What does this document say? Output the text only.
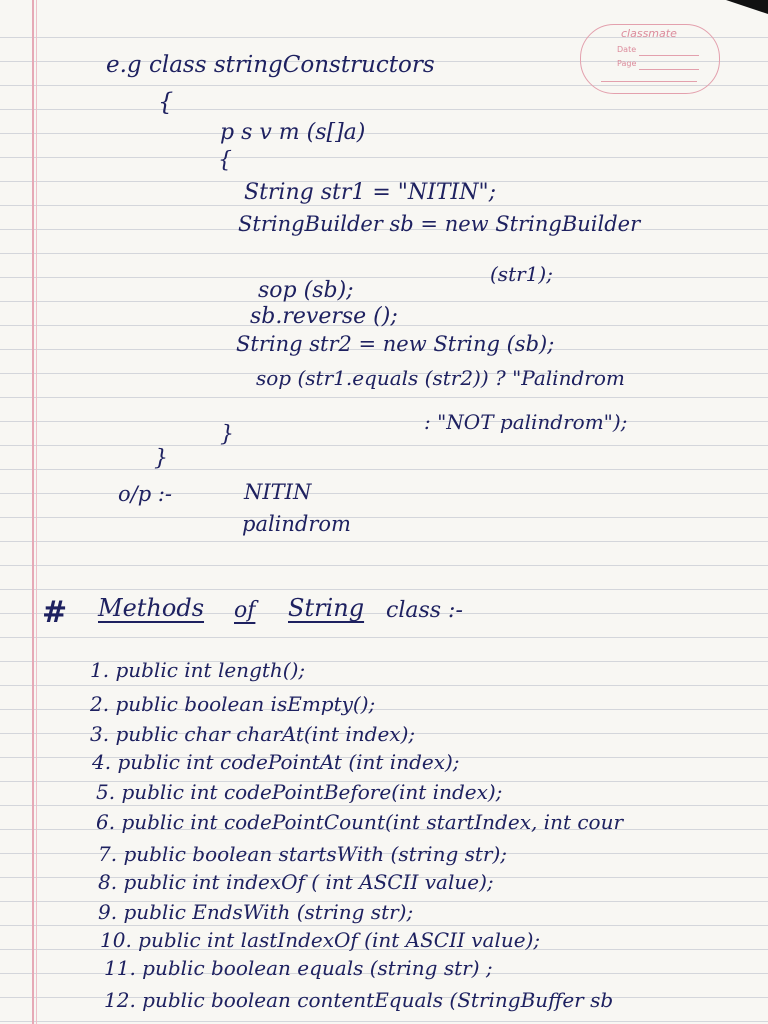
classmate
Date
Page
e.g class stringConstructors
{
p s v m (s[]a)
{
String str1 = "NITIN";
StringBuilder sb = new StringBuilder
(str1);
sop (sb);
sb.reverse ();
String str2 = new String (sb);
sop (str1.equals (str2)) ? "Palindrom
: "NOT palindrom");
}
}
o/p :-	NITIN
palindrom
# Methods of String class :-
1. public int length();
2. public boolean isEmpty();
3. public char charAt(int index);
4. public int codePointAt (int index);
5. public int codePointBefore(int index);
6. public int codePointCount(int startIndex, int cour
7. public boolean startsWith (string str);
8. public int indexOf ( int ASCII value);
9. public EndsWith (string str);
10. public int lastIndexOf (int ASCII value);
11. public boolean equals (string str) ;
12. public boolean contentEquals (StringBuffer sb
